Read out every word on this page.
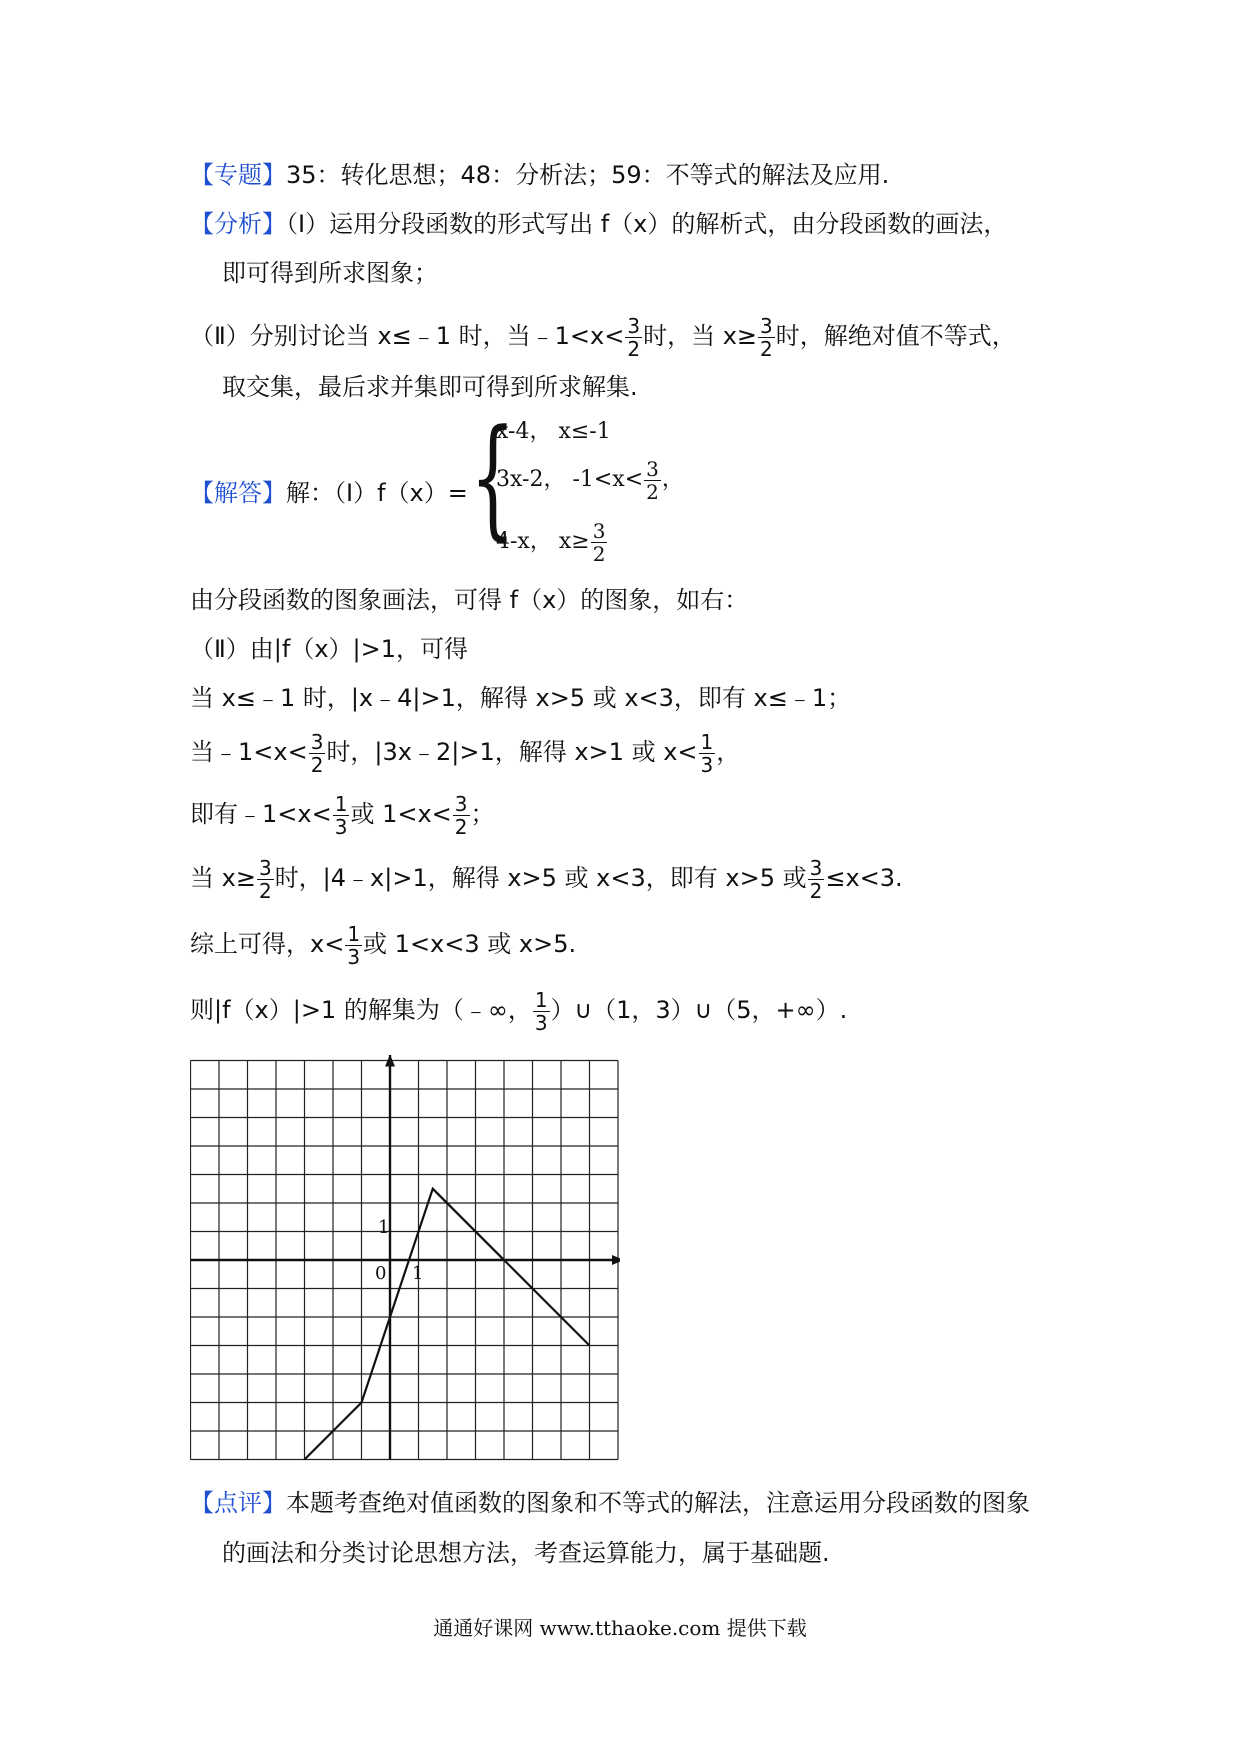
【专题】35：转化思想；48：分析法；59：不等式的解法及应用.
【分析】（Ⅰ）运用分段函数的形式写出 f（x）的解析式，由分段函数的画法，
即可得到所求图象；
（Ⅱ）分别讨论当 x≤﹣1 时，当﹣1<x< $\frac{3}{2}$ 时，当 $x\ge \frac{3}{2}$ 时，解绝对值不等式，
取交集，最后求并集即可得到所求解集.
【解答】解：（Ⅰ）f（x）= {
x-4， x≤-1
3x-2， $-1<x< \frac{3}{2}$ ，
4-x， $x\ge \frac{3}{2}$
由分段函数的图象画法，可得 f（x）的图象，如右：
（Ⅱ）由|f（x）|>1，可得
当 x≤﹣1 时，|x﹣4|>1，解得 x>5 或 x<3，即有 x≤﹣1；
当﹣1<x< $\frac{3}{2}$ 时，|3x﹣2|>1，解得 x>1 或 $x< \frac{1}{3}$ ，
即有﹣1<x< $\frac{1}{3}$ 或 $1<x< \frac{3}{2}$ ；
当 $x\ge \frac{3}{2}$ 时，|4﹣x|>1，解得 x>5 或 x<3，即有 x>5 或 $\frac{3}{2} \le x<3$.
综上可得，$x< \frac{1}{3}$ 或 1<x<3 或 x>5.
则|f（x）|>1 的解集为（﹣∞， $\frac{1}{3}$ ）∪（1，3）∪（5，+∞）.
1
0 1
【点评】本题考查绝对值函数的图象和不等式的解法，注意运用分段函数的图象
的画法和分类讨论思想方法，考查运算能力，属于基础题.
通通好课网 www.tthaoke.com 提供下载
